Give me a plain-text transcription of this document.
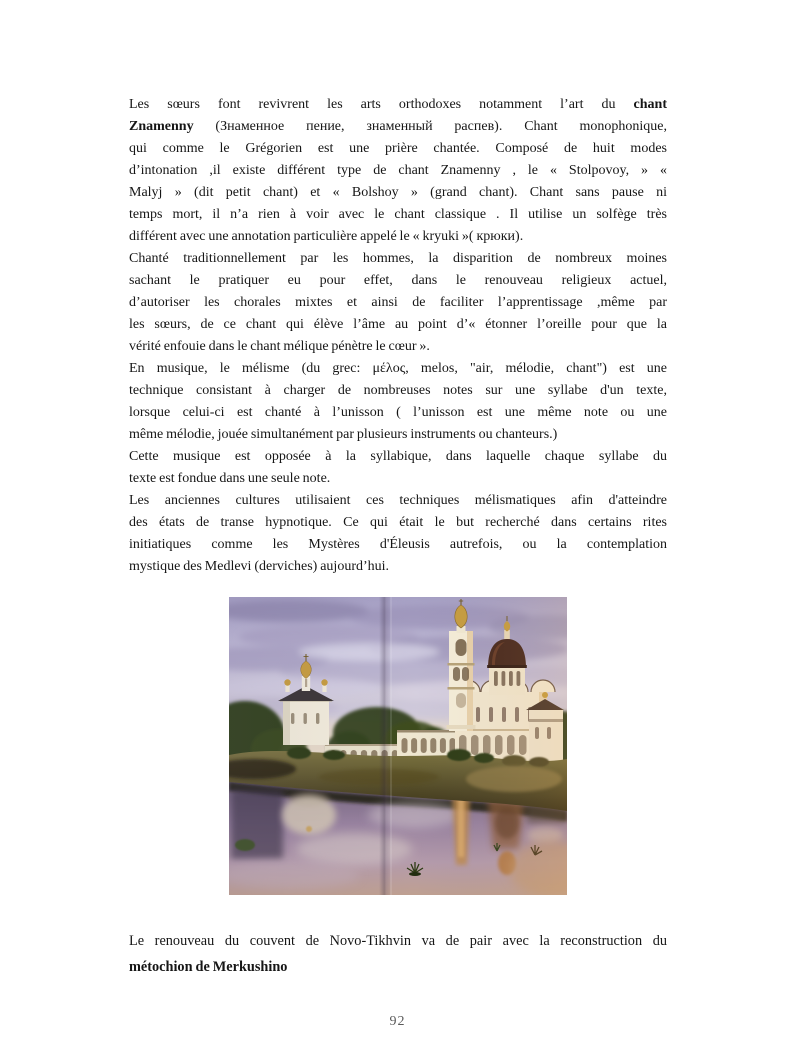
Les sœurs font revivrent les arts orthodoxes notamment l’art du chant
Znamenny (Знаменное пение, знаменный распев). Chant monophonique,
qui comme le Grégorien est une prière chantée. Composé de huit modes
d’intonation ,il existe différent type de chant Znamenny , le « Stolpovoy, » «
Malyj » (dit petit chant) et « Bolshoy » (grand chant). Chant sans pause ni
temps mort, il n’a rien à voir avec le chant classique . Il utilise un solfège très
différent avec une annotation particulière appelé le « kryuki »( крюки).
Chanté traditionnellement par les hommes, la disparition de nombreux moines
sachant le pratiquer eu pour effet, dans le renouveau religieux actuel,
d’autoriser les chorales mixtes et ainsi de faciliter l’apprentissage ,même par
les sœurs, de ce chant qui élève l’âme au point d’« étonner l’oreille pour que la
vérité enfouie dans le chant mélique pénètre le cœur ».
En musique, le mélisme (du grec: μέλος, melos, "air, mélodie, chant") est une
technique consistant à charger de nombreuses notes sur une syllabe d'un texte,
lorsque celui-ci est chanté à l’unisson ( l’unisson est une même note ou une
même mélodie, jouée simultanément par plusieurs instruments ou chanteurs.)
Cette musique est opposée à la syllabique, dans laquelle chaque syllabe du
texte est fondue dans une seule note.
Les anciennes cultures utilisaient ces techniques mélismatiques afin d'atteindre
des états de transe hypnotique. Ce qui était le but recherché dans certains rites
initiatiques comme les Mystères d'Éleusis autrefois, ou la contemplation
mystique des Medlevi (derviches) aujourd’hui.
Le renouveau du couvent de Novo-Tikhvin va de pair avec la reconstruction du
métochion de Merkushino
92
